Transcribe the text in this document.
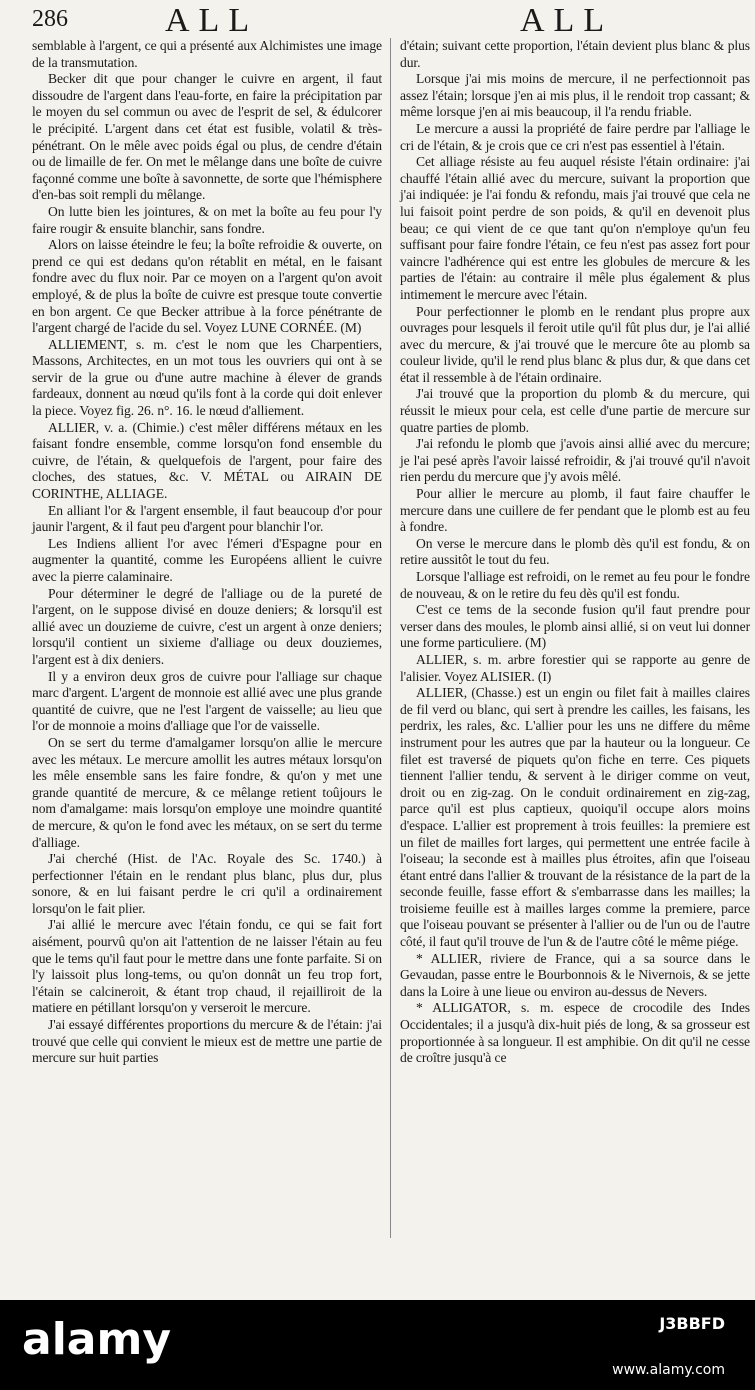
286	ALL	ALL

semblable à l'argent, ce qui a présenté aux Alchimistes une image de la transmutation.

Becker dit que pour changer le cuivre en argent, il faut dissoudre de l'argent dans l'eau-forte, en faire la précipitation par le moyen du sel commun ou avec de l'esprit de sel, & édulcorer le précipité. L'argent dans cet état est fusible, volatil & très-pénétrant. On le mêle avec poids égal ou plus, de cendre d'étain ou de limaille de fer. On met le mêlange dans une boîte de cuivre façonné comme une boîte à savonnette, de sorte que l'hémisphere d'en-bas soit rempli du mêlange.

On lutte bien les jointures, & on met la boîte au feu pour l'y faire rougir & ensuite blanchir, sans fondre.

Alors on laisse éteindre le feu; la boîte refroidie & ouverte, on prend ce qui est dedans qu'on rétablit en métal, en le faisant fondre avec du flux noir. Par ce moyen on a l'argent qu'on avoit employé, & de plus la boîte de cuivre est presque toute convertie en bon argent. Ce que Becker attribue à la force pénétrante de l'argent chargé de l'acide du sel. Voyez LUNE CORNÉE. (M)

ALLIEMENT, s. m. c'est le nom que les Charpentiers, Massons, Architectes, en un mot tous les ouvriers qui ont à se servir de la grue ou d'une autre machine à élever de grands fardeaux, donnent au nœud qu'ils font à la corde qui doit enlever la piece. Voyez fig. 26. n°. 16. le nœud d'alliement.

ALLIER, v. a. (Chimie.) c'est mêler différens métaux en les faisant fondre ensemble, comme lorsqu'on fond ensemble du cuivre, de l'étain, & quelquefois de l'argent, pour faire des cloches, des statues, &c. V. MÉTAL ou AIRAIN DE CORINTHE, ALLIAGE.

En alliant l'or & l'argent ensemble, il faut beaucoup d'or pour jaunir l'argent, & il faut peu d'argent pour blanchir l'or.

Les Indiens allient l'or avec l'émeri d'Espagne pour en augmenter la quantité, comme les Européens allient le cuivre avec la pierre calaminaire.

Pour déterminer le degré de l'alliage ou de la pureté de l'argent, on le suppose divisé en douze deniers; & lorsqu'il est allié avec un douzieme de cuivre, c'est un argent à onze deniers; lorsqu'il contient un sixieme d'alliage ou deux douziemes, l'argent est à dix deniers.

Il y a environ deux gros de cuivre pour l'alliage sur chaque marc d'argent. L'argent de monnoie est allié avec une plus grande quantité de cuivre, que ne l'est l'argent de vaisselle; au lieu que l'or de monnoie a moins d'alliage que l'or de vaisselle.

On se sert du terme d'amalgamer lorsqu'on allie le mercure avec les métaux. Le mercure amollit les autres métaux lorsqu'on les mêle ensemble sans les faire fondre, & qu'on y met une grande quantité de mercure, & ce mêlange retient toûjours le nom d'amalgame: mais lorsqu'on employe une moindre quantité de mercure, & qu'on le fond avec les métaux, on se sert du terme d'alliage.

J'ai cherché (Hist. de l'Ac. Royale des Sc. 1740.) à perfectionner l'étain en le rendant plus blanc, plus dur, plus sonore, & en lui faisant perdre le cri qu'il a ordinairement lorsqu'on le fait plier.

J'ai allié le mercure avec l'étain fondu, ce qui se fait fort aisément, pourvû qu'on ait l'attention de ne laisser l'étain au feu que le tems qu'il faut pour le mettre dans une fonte parfaite. Si on l'y laissoit plus long-tems, ou qu'on donnât un feu trop fort, l'étain se calcineroit, & étant trop chaud, il rejailliroit de la matiere en pétillant lorsqu'on y verseroit le mercure.

J'ai essayé différentes proportions du mercure & de l'étain: j'ai trouvé que celle qui convient le mieux est de mettre une partie de mercure sur huit parties

d'étain; suivant cette proportion, l'étain devient plus blanc & plus dur.

Lorsque j'ai mis moins de mercure, il ne perfectionnoit pas assez l'étain; lorsque j'en ai mis plus, il le rendoit trop cassant; & même lorsque j'en ai mis beaucoup, il l'a rendu friable.

Le mercure a aussi la propriété de faire perdre par l'alliage le cri de l'étain, & je crois que ce cri n'est pas essentiel à l'étain.

Cet alliage résiste au feu auquel résiste l'étain ordinaire: j'ai chauffé l'étain allié avec du mercure, suivant la proportion que j'ai indiquée: je l'ai fondu & refondu, mais j'ai trouvé que cela ne lui faisoit point perdre de son poids, & qu'il en devenoit plus beau; ce qui vient de ce que tant qu'on n'employe qu'un feu suffisant pour faire fondre l'étain, ce feu n'est pas assez fort pour vaincre l'adhérence qui est entre les globules de mercure & les parties de l'étain: au contraire il mêle plus également & plus intimement le mercure avec l'étain.

Pour perfectionner le plomb en le rendant plus propre aux ouvrages pour lesquels il feroit utile qu'il fût plus dur, je l'ai allié avec du mercure, & j'ai trouvé que le mercure ôte au plomb sa couleur livide, qu'il le rend plus blanc & plus dur, & que dans cet état il ressemble à de l'étain ordinaire.

J'ai trouvé que la proportion du plomb & du mercure, qui réussit le mieux pour cela, est celle d'une partie de mercure sur quatre parties de plomb.

J'ai refondu le plomb que j'avois ainsi allié avec du mercure; je l'ai pesé après l'avoir laissé refroidir, & j'ai trouvé qu'il n'avoit rien perdu du mercure que j'y avois mêlé.

Pour allier le mercure au plomb, il faut faire chauffer le mercure dans une cuillere de fer pendant que le plomb est au feu à fondre.

On verse le mercure dans le plomb dès qu'il est fondu, & on retire aussitôt le tout du feu.

Lorsque l'alliage est refroidi, on le remet au feu pour le fondre de nouveau, & on le retire du feu dès qu'il est fondu.

C'est ce tems de la seconde fusion qu'il faut prendre pour verser dans des moules, le plomb ainsi allié, si on veut lui donner une forme particuliere. (M)

ALLIER, s. m. arbre forestier qui se rapporte au genre de l'alisier. Voyez ALISIER. (I)

ALLIER, (Chasse.) est un engin ou filet fait à mailles claires de fil verd ou blanc, qui sert à prendre les cailles, les faisans, les perdrix, les rales, &c. L'allier pour les uns ne differe du même instrument pour les autres que par la hauteur ou la longueur. Ce filet est traversé de piquets qu'on fiche en terre. Ces piquets tiennent l'allier tendu, & servent à le diriger comme on veut, droit ou en zig-zag. On le conduit ordinairement en zig-zag, parce qu'il est plus captieux, quoiqu'il occupe alors moins d'espace. L'allier est proprement à trois feuilles: la premiere est un filet de mailles fort larges, qui permettent une entrée facile à l'oiseau; la seconde est à mailles plus étroites, afin que l'oiseau étant entré dans l'allier & trouvant de la résistance de la part de la seconde feuille, fasse effort & s'embarrasse dans les mailles; la troisieme feuille est à mailles larges comme la premiere, parce que l'oiseau pouvant se présenter à l'allier ou de l'un ou de l'autre côté, il faut qu'il trouve de l'un & de l'autre côté le même piége.

* ALLIER, riviere de France, qui a sa source dans le Gevaudan, passe entre le Bourbonnois & le Nivernois, & se jette dans la Loire à une lieue ou environ au-dessus de Nevers.

* ALLIGATOR, s. m. espece de crocodile des Indes Occidentales; il a jusqu'à dix-huit piés de long, & sa grosseur est proportionnée à sa longueur. Il est amphibie. On dit qu'il ne cesse de croître jusqu'à ce

alamy	J3BBFD
www.alamy.com
